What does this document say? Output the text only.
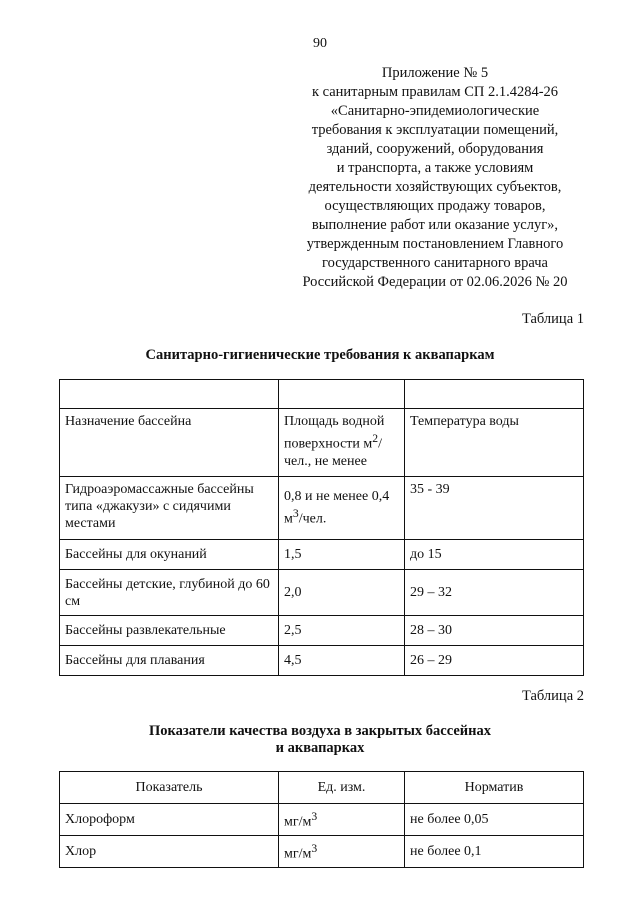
90
Приложение № 5
к санитарным правилам СП 2.1.4284-26
«Санитарно-эпидемиологические
требования к эксплуатации помещений,
зданий, сооружений, оборудования
и транспорта, а также условиям
деятельности хозяйствующих субъектов,
осуществляющих продажу товаров,
выполнение работ или оказание услуг»,
утвержденным постановлением Главного
государственного санитарного врача
Российской Федерации от 02.06.2026 № 20
Таблица 1
Санитарно-гигиенические требования к аквапаркам

Назначение бассейна	Площадь водной поверхности $м^2$/чел., не менее	Температура воды
Гидроаэромассажные бассейны типа «джакузи» с сидячими местами	0,8 и не менее 0,4 $м^3$/чел.	35 - 39
Бассейны для окунаний	1,5	до 15
Бассейны детские, глубиной до 60 см	2,0	29 – 32
Бассейны развлекательные	2,5	28 – 30
Бассейны для плавания	4,5	26 – 29
Таблица 2
Показатели качества воздуха в закрытых бассейнах
и аквапарках
Показатель	Ед. изм.	Норматив
Хлороформ	$мг/м^3$	не более 0,05
Хлор	$мг/м^3$	не более 0,1
